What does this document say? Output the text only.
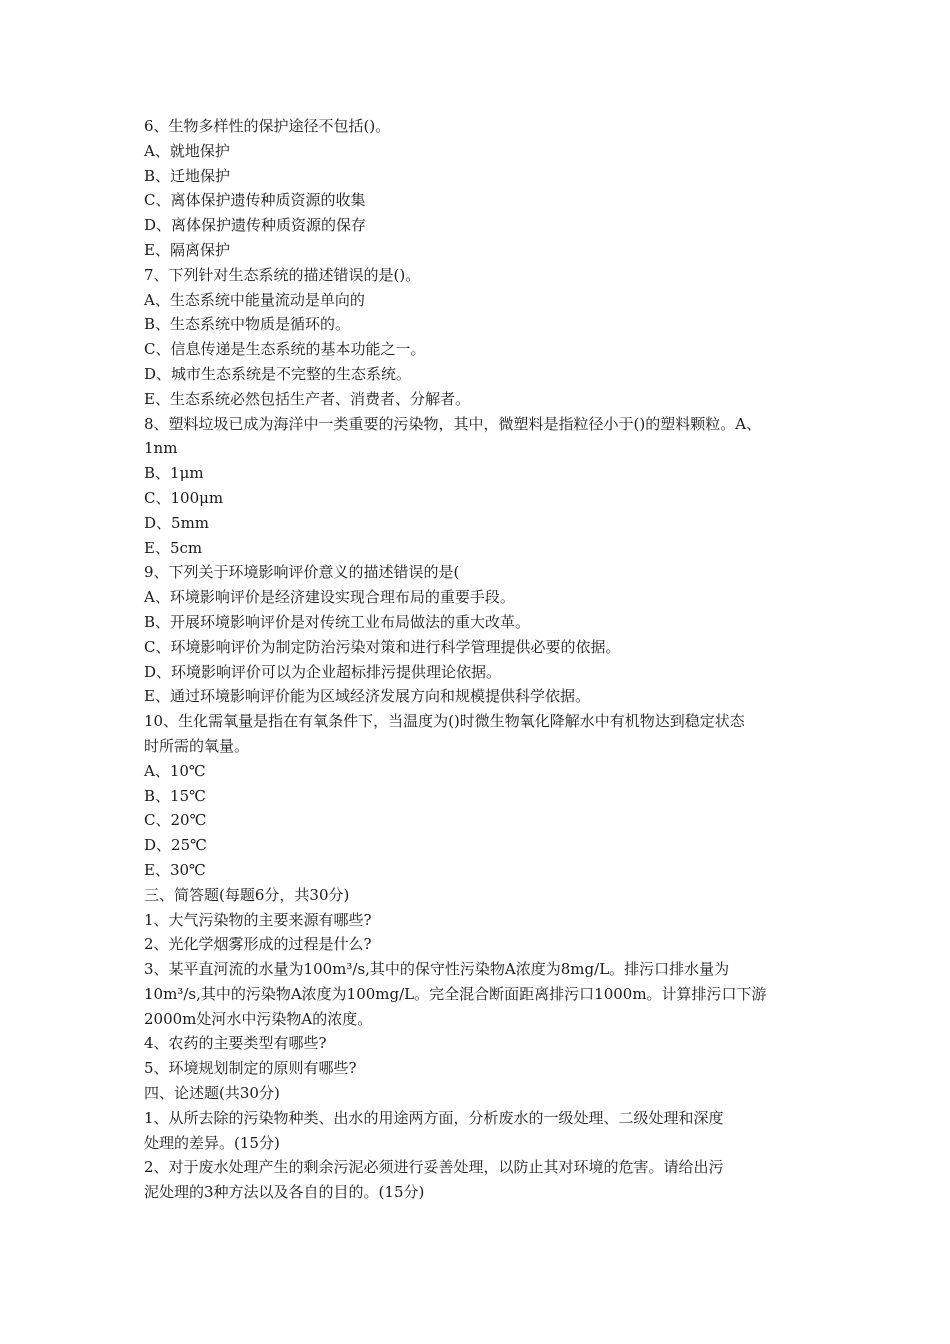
6、生物多样性的保护途径不包括()。
A、就地保护
B、迁地保护
C、离体保护遗传种质资源的收集
D、离体保护遗传种质资源的保存
E、隔离保护
7、下列针对生态系统的描述错误的是()。
A、生态系统中能量流动是单向的
B、生态系统中物质是循环的。
C、信息传递是生态系统的基本功能之一。
D、城市生态系统是不完整的生态系统。
E、生态系统必然包括生产者、消费者、分解者。
8、塑料垃圾已成为海洋中一类重要的污染物，其中，微塑料是指粒径小于()的塑料颗粒。A、
1nm
B、1μm
C、100μm
D、5mm
E、5cm
9、下列关于环境影响评价意义的描述错误的是(
A、环境影响评价是经济建设实现合理布局的重要手段。
B、开展环境影响评价是对传统工业布局做法的重大改革。
C、环境影响评价为制定防治污染对策和进行科学管理提供必要的依据。
D、环境影响评价可以为企业超标排污提供理论依据。
E、通过环境影响评价能为区域经济发展方向和规模提供科学依据。
10、生化需氧量是指在有氧条件下，当温度为()时微生物氧化降解水中有机物达到稳定状态
时所需的氧量。
A、10℃
B、15℃
C、20℃
D、25℃
E、30℃
三、简答题(每题6分，共30分)
1、大气污染物的主要来源有哪些?
2、光化学烟雾形成的过程是什么?
3、某平直河流的水量为100m³/s,其中的保守性污染物A浓度为8mg/L。排污口排水量为
10m³/s,其中的污染物A浓度为100mg/L。完全混合断面距离排污口1000m。计算排污口下游
2000m处河水中污染物A的浓度。
4、农药的主要类型有哪些?
5、环境规划制定的原则有哪些?
四、论述题(共30分)
1、从所去除的污染物种类、出水的用途两方面，分析废水的一级处理、二级处理和深度
处理的差异。(15分)
2、对于废水处理产生的剩余污泥必须进行妥善处理，以防止其对环境的危害。请给出污
泥处理的3种方法以及各自的目的。(15分)
